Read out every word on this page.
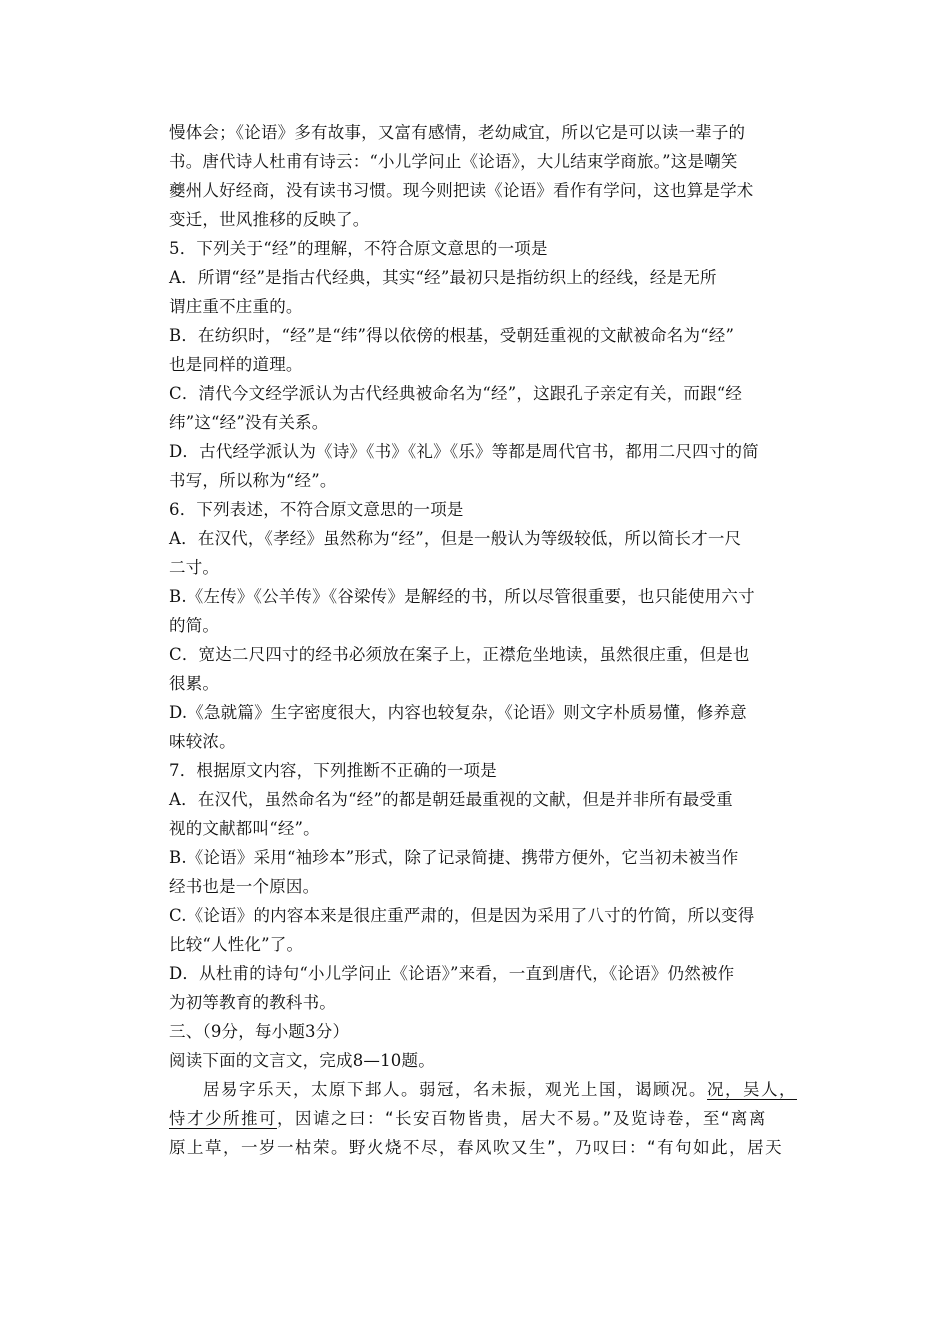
慢体会；《论语》多有故事，又富有感情，老幼咸宜，所以它是可以读一辈子的
书。唐代诗人杜甫有诗云：“小儿学问止《论语》，大儿结束学商旅。”这是嘲笑
夔州人好经商，没有读书习惯。现今则把读《论语》看作有学问，这也算是学术
变迁，世风推移的反映了。
5．下列关于“经”的理解，不符合原文意思的一项是
A．所谓“经”是指古代经典，其实“经”最初只是指纺织上的经线，经是无所
谓庄重不庄重的。
B．在纺织时，“经”是“纬”得以依傍的根基，受朝廷重视的文献被命名为“经”
也是同样的道理。
C．清代今文经学派认为古代经典被命名为“经”，这跟孔子亲定有关，而跟“经
纬”这“经”没有关系。
D．古代经学派认为《诗》《书》《礼》《乐》等都是周代官书，都用二尺四寸的简
书写，所以称为“经”。
6．下列表述，不符合原文意思的一项是
A．在汉代，《孝经》虽然称为“经”，但是一般认为等级较低，所以简长才一尺
二寸。
B.《左传》《公羊传》《谷梁传》是解经的书，所以尽管很重要，也只能使用六寸
的简。
C．宽达二尺四寸的经书必须放在案子上，正襟危坐地读，虽然很庄重，但是也
很累。
D.《急就篇》生字密度很大，内容也较复杂，《论语》则文字朴质易懂，修养意
味较浓。
7．根据原文内容，下列推断不正确的一项是
A．在汉代，虽然命名为“经”的都是朝廷最重视的文献，但是并非所有最受重
视的文献都叫“经”。
B.《论语》采用“袖珍本”形式，除了记录简捷、携带方便外，它当初未被当作
经书也是一个原因。
C.《论语》的内容本来是很庄重严肃的，但是因为采用了八寸的竹简，所以变得
比较“人性化”了。
D．从杜甫的诗句“小儿学问止《论语》”来看，一直到唐代，《论语》仍然被作
为初等教育的教科书。
三、（9分，每小题3分）
阅读下面的文言文，完成8—10题。
居易字乐天，太原下邽人。弱冠，名未振，观光上国，谒顾况。况，吴人，
恃才少所推可，因谑之曰：“长安百物皆贵，居大不易。”及览诗卷，至“离离
原上草，一岁一枯荣。野火烧不尽，春风吹又生”，乃叹曰：“有句如此，居天
